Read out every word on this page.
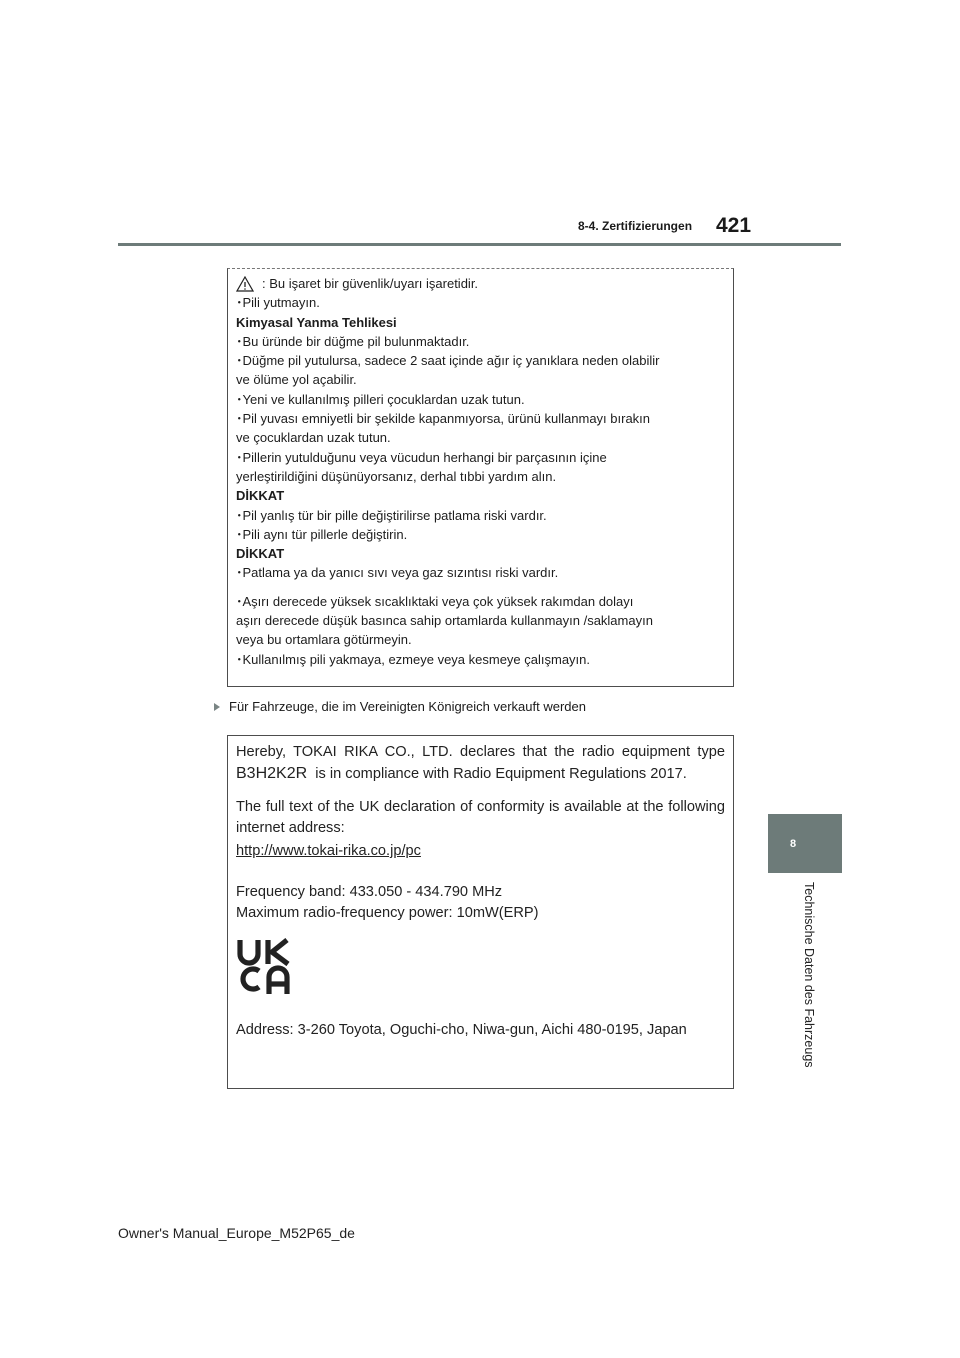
8-4. Zertifizierungen 421
: Bu işaret bir güvenlik/uyarı işaretidir.
･Pili yutmayın.
Kimyasal Yanma Tehlikesi
･Bu üründe bir düğme pil bulunmaktadır.
･Düğme pil yutulursa, sadece 2 saat içinde ağır iç yanıklara neden olabilir
ve ölüme yol açabilir.
･Yeni ve kullanılmış pilleri çocuklardan uzak tutun.
･Pil yuvası emniyetli bir şekilde kapanmıyorsa, ürünü kullanmayı bırakın
ve çocuklardan uzak tutun.
･Pillerin yutulduğunu veya vücudun herhangi bir parçasının içine
yerleştirildiğini düşünüyorsanız, derhal tıbbi yardım alın.
DİKKAT
･Pil yanlış tür bir pille değiştirilirse patlama riski vardır.
･Pili aynı tür pillerle değiştirin.
DİKKAT
･Patlama ya da yanıcı sıvı veya gaz sızıntısı riski vardır.
･Aşırı derecede yüksek sıcaklıktaki veya çok yüksek rakımdan dolayı
aşırı derecede düşük basınca sahip ortamlarda kullanmayın /saklamayın
veya bu ortamlara götürmeyin.
･Kullanılmış pili yakmaya, ezmeye veya kesmeye çalışmayın.
Für Fahrzeuge, die im Vereinigten Königreich verkauft werden

Hereby, TOKAI RIKA CO., LTD. declares that the radio equipment type B3H2K2R is in compliance with Radio Equipment Regulations 2017.

The full text of the UK declaration of conformity is available at the following internet address:

http://www.tokai-rika.co.jp/pc

Frequency band: 433.050 - 434.790 MHz

Maximum radio-frequency power: 10mW(ERP)

Address: 3-260 Toyota, Oguchi-cho, Niwa-gun, Aichi 480-0195, Japan

8
Technische Daten des Fahrzeugs
Owner's Manual_Europe_M52P65_de
